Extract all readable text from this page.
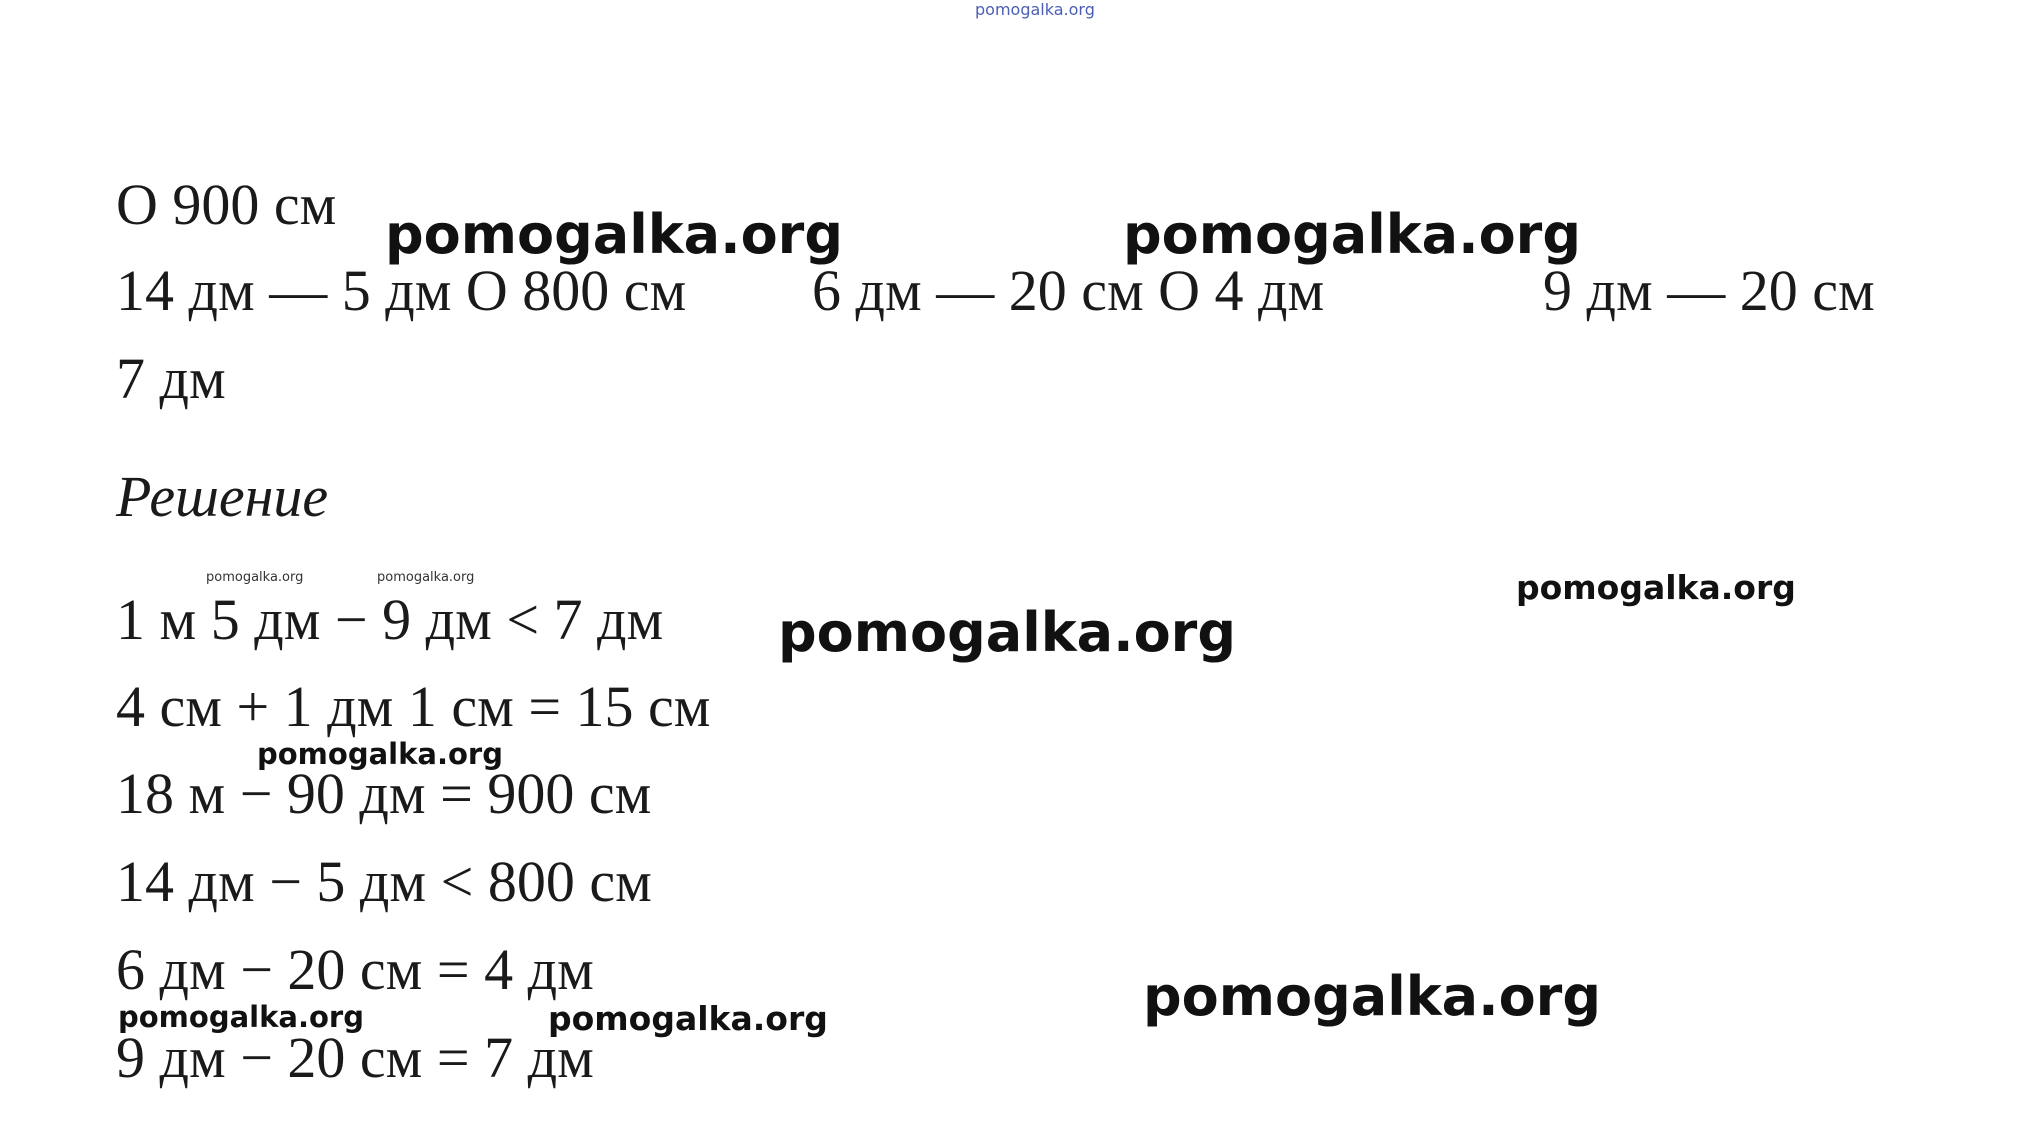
pomogalka.org
О 900 см
14 дм — 5 дм О 800 см 6 дм — 20 см О 4 дм	9 дм — 20 см
7 дм
Решение
1 м 5 дм − 9 дм < 7 дм
4 см + 1 дм 1 см = 15 см
18 м − 90 дм = 900 см
14 дм − 5 дм < 800 см
6 дм − 20 см = 4 дм
9 дм − 20 см = 7 дм
pomogalka.org	pomogalka.org
pomogalka.org	pomogalka.org	pomogalka.org
pomogalka.org
pomogalka.org
pomogalka.org
pomogalka.org	pomogalka.org
